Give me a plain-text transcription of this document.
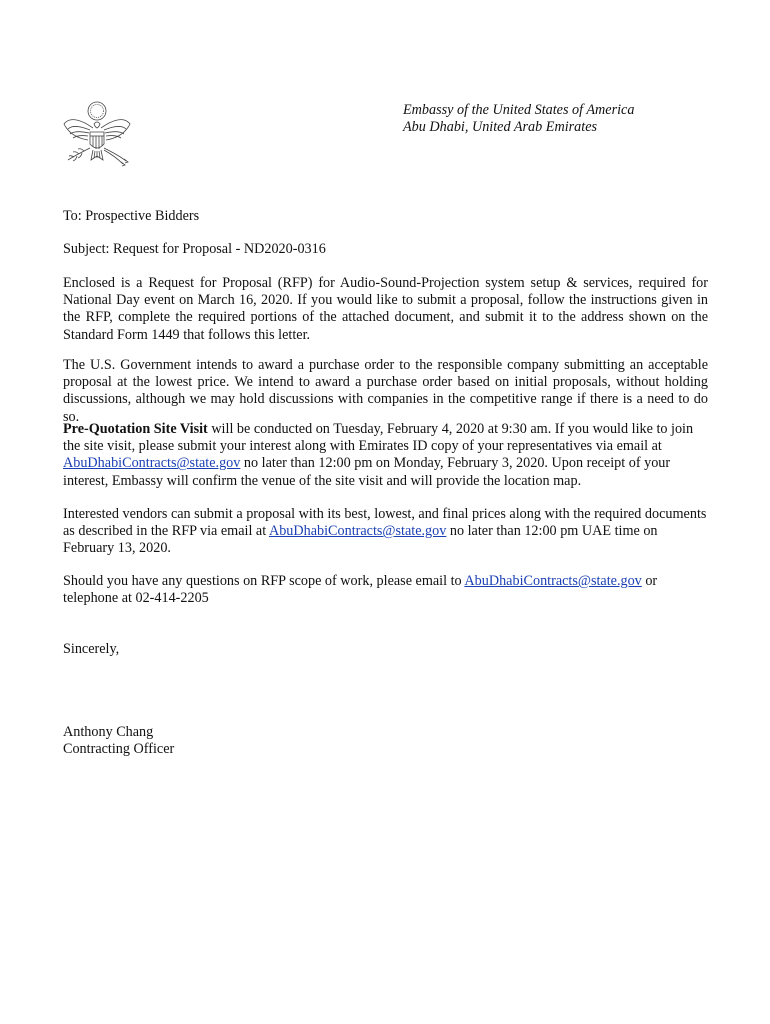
Embassy of the United States of America
Abu Dhabi, United Arab Emirates
To: Prospective Bidders
Subject: Request for Proposal - ND2020-0316
Enclosed is a Request for Proposal (RFP) for Audio-Sound-Projection system setup & services, required for National Day event on March 16, 2020. If you would like to submit a proposal, follow the instructions given in the RFP, complete the required portions of the attached document, and submit it to the address shown on the Standard Form 1449 that follows this letter.
The U.S. Government intends to award a purchase order to the responsible company submitting an acceptable proposal at the lowest price. We intend to award a purchase order based on initial proposals, without holding discussions, although we may hold discussions with companies in the competitive range if there is a need to do so.
Pre-Quotation Site Visit will be conducted on Tuesday, February 4, 2020 at 9:30 am. If you would like to join the site visit, please submit your interest along with Emirates ID copy of your representatives via email at AbuDhabiContracts@state.gov no later than 12:00 pm on Monday, February 3, 2020. Upon receipt of your interest, Embassy will confirm the venue of the site visit and will provide the location map.
Interested vendors can submit a proposal with its best, lowest, and final prices along with the required documents as described in the RFP via email at AbuDhabiContracts@state.gov no later than 12:00 pm UAE time on February 13, 2020.
Should you have any questions on RFP scope of work, please email to AbuDhabiContracts@state.gov or telephone at 02-414-2205
Sincerely,
Anthony Chang
Contracting Officer
